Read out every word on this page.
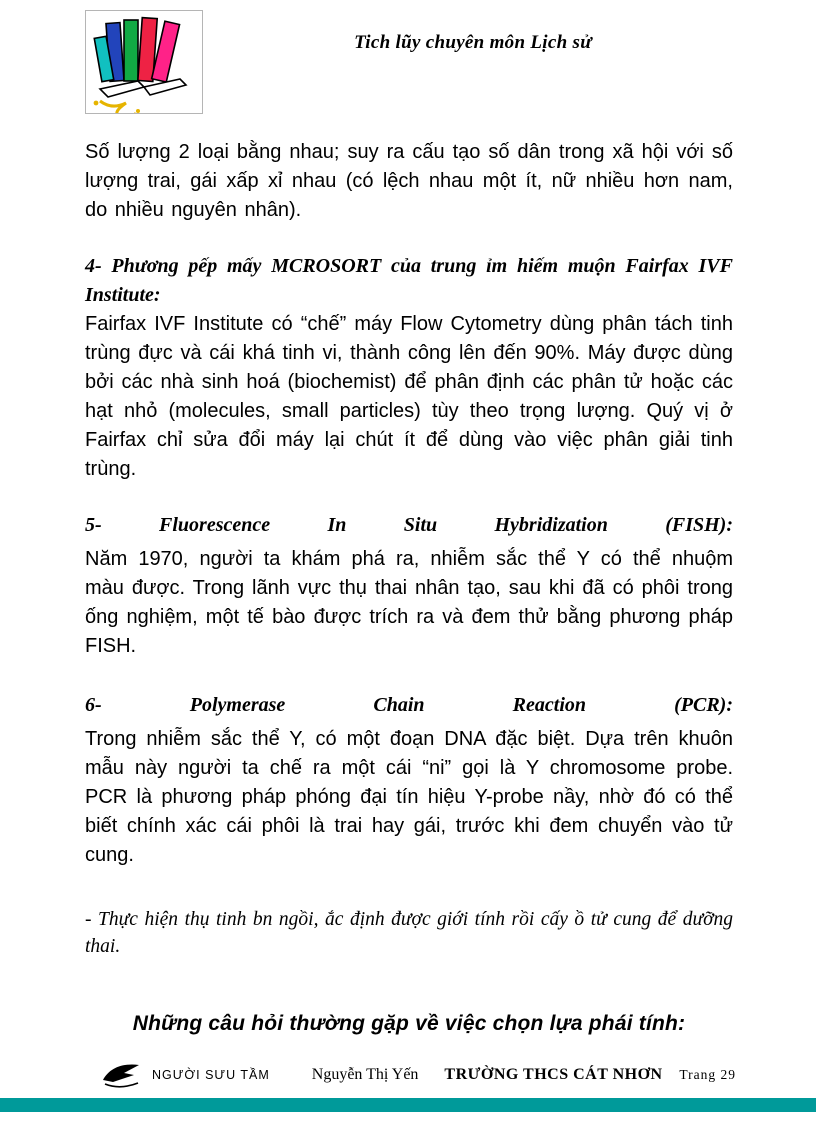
Tich lũy chuyên môn Lịch sử

Số lượng 2 loại bằng nhau; suy ra cấu tạo số dân trong xã hội với số lượng trai, gái xấp xỉ nhau (có lệch nhau một ít, nữ nhiều hơn nam, do nhiều nguyên nhân).

4- Phương pếp mấy MCROSORT của trung ỉm hiếm muộn Fairfax IVF Institute:

Fairfax IVF Institute có “chế” máy Flow Cytometry dùng phân tách tinh trùng đực và cái khá tinh vi, thành công lên đến 90%. Máy được dùng bởi các nhà sinh hoá (biochemist) để phân định các phân tử hoặc các hạt nhỏ (molecules, small particles) tùy theo trọng lượng. Quý vị ở Fairfax chỉ sửa đổi máy lại chút ít để dùng vào việc phân giải tinh trùng.

5- Fluorescence In Situ Hybridization (FISH):

Năm 1970, người ta khám phá ra, nhiễm sắc thể Y có thể nhuộm màu được. Trong lãnh vực thụ thai nhân tạo, sau khi đã có phôi trong ống nghiệm, một tế bào được trích ra và đem thử bằng phương pháp FISH.

6- Polymerase Chain Reaction (PCR):

Trong nhiễm sắc thể Y, có một đoạn DNA đặc biệt. Dựa trên khuôn mẫu này người ta chế ra một cái “ni” gọi là Y chromosome probe. PCR là phương pháp phóng đại tín hiệu Y-probe nầy, nhờ đó có thể biết chính xác cái phôi là trai hay gái, trước khi đem chuyển vào tử cung.

- Thực hiện thụ tinh bn ngồi, ắc định được giới tính rồi cấy ồ tử cung để dưỡng thai.

Những câu hỏi thường gặp về việc chọn lựa phái tính:

NGƯỜI SƯU TẦM	Nguyễn Thị Yến TRƯỜNG THCS CÁT NHƠN Trang 29
